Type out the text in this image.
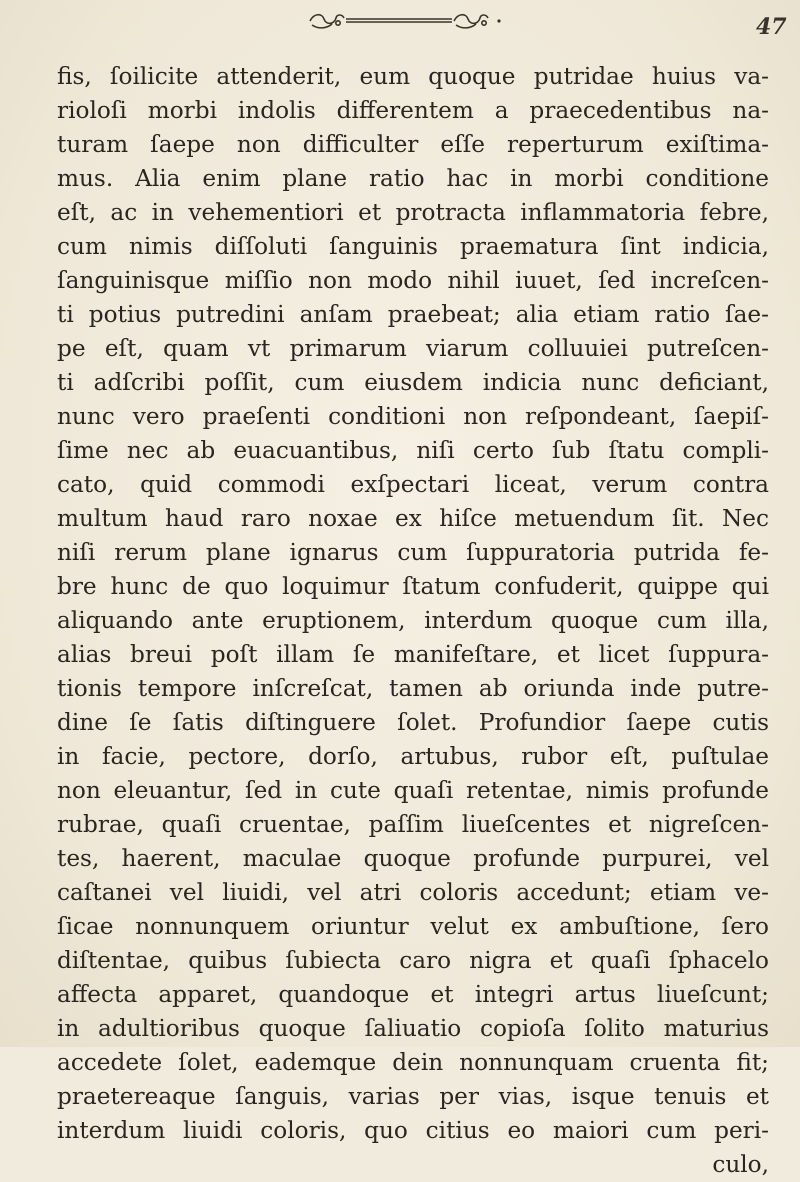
47
fis, ſoilicite attenderit, eum quoque putridae huius va-
rioloſi morbi indolis differentem a praecedentibus na-
turam ſaepe non difficulter eſſe reperturum exiſtima-
mus. Alia enim plane ratio hac in morbi conditione
eſt, ac in vehementiori et protracta inflammatoria febre,
cum nimis diſſoluti ſanguinis praematura ſint indicia,
ſanguinisque miſſio non modo nihil iuuet, ſed increſcen-
ti potius putredini anſam praebeat; alia etiam ratio ſae-
pe eſt, quam vt primarum viarum colluuiei putreſcen-
ti adſcribi poſſit, cum eiusdem indicia nunc deficiant,
nunc vero praeſenti conditioni non reſpondeant, ſaepiſ-
ſime nec ab euacuantibus, niſi certo ſub ſtatu compli-
cato, quid commodi exſpectari liceat, verum contra
multum haud raro noxae ex hiſce metuendum ſit. Nec
niſi rerum plane ignarus cum ſuppuratoria putrida fe-
bre hunc de quo loquimur ſtatum confuderit, quippe qui
aliquando ante eruptionem, interdum quoque cum illa,
alias breui poſt illam ſe manifeſtare, et licet ſuppura-
tionis tempore inſcreſcat, tamen ab oriunda inde putre-
dine ſe ſatis diſtinguere ſolet. Profundior ſaepe cutis
in facie, pectore, dorſo, artubus, rubor eſt, puſtulae
non eleuantur, ſed in cute quaſi retentae, nimis profunde
rubrae, quaſi cruentae, paſſim liueſcentes et nigreſcen-
tes, haerent, maculae quoque profunde purpurei, vel
caſtanei vel liuidi, vel atri coloris accedunt; etiam ve-
ſicae nonnunquem oriuntur velut ex ambuſtione, ſero
diſtentae, quibus ſubiecta caro nigra et quaſi ſphacelo
affecta apparet, quandoque et integri artus liueſcunt;
in adultioribus quoque ſaliuatio copioſa ſolito maturius
accedete ſolet, eademque dein nonnunquam cruenta fit;
praetereaque ſanguis, varias per vias, isque tenuis et
interdum liuidi coloris, quo citius eo maiori cum peri-
culo,
